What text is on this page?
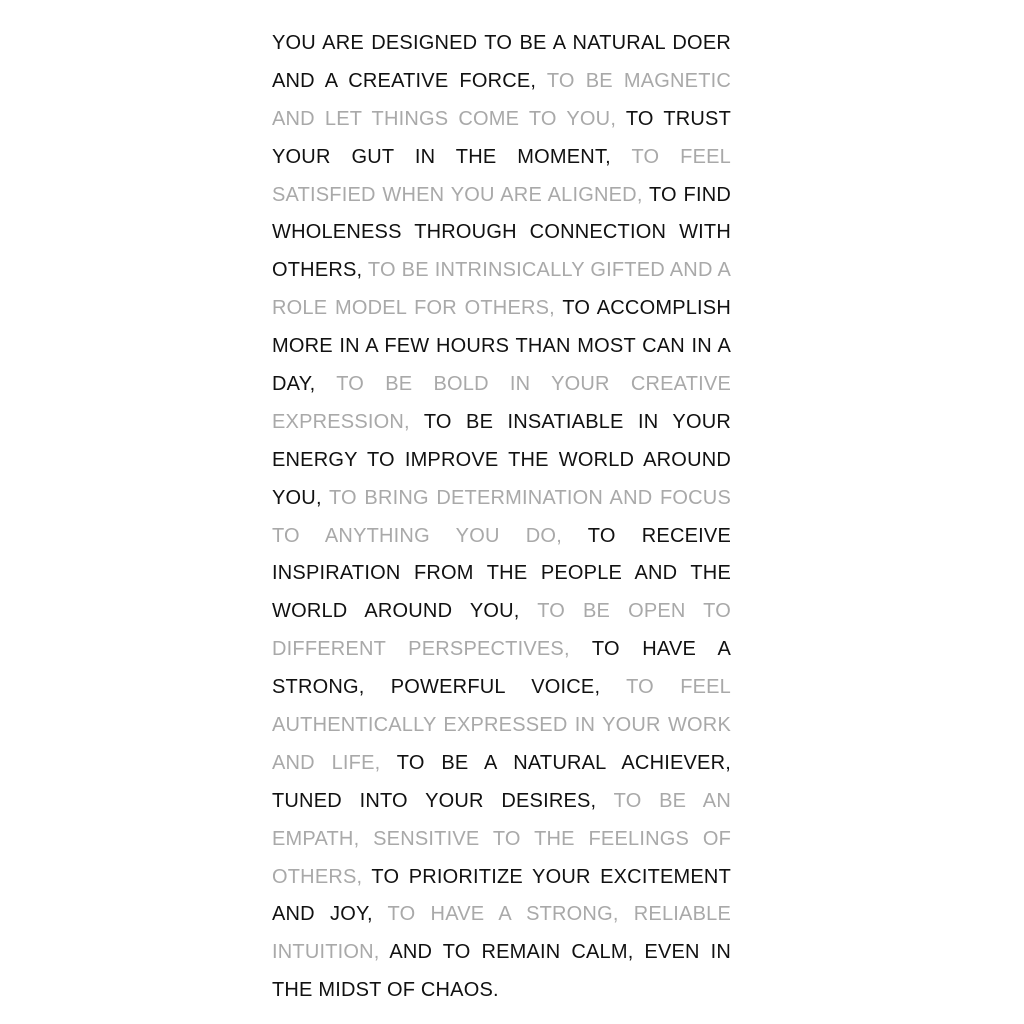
YOU ARE DESIGNED TO BE A NATURAL DOER
AND A CREATIVE FORCE, TO BE MAGNETIC
AND LET THINGS COME TO YOU, TO TRUST
YOUR GUT IN THE MOMENT, TO FEEL
SATISFIED WHEN YOU ARE ALIGNED, TO FIND
WHOLENESS THROUGH CONNECTION WITH
OTHERS, TO BE INTRINSICALLY GIFTED AND A
ROLE MODEL FOR OTHERS, TO ACCOMPLISH
MORE IN A FEW HOURS THAN MOST CAN IN A
DAY, TO BE BOLD IN YOUR CREATIVE
EXPRESSION, TO BE INSATIABLE IN YOUR
ENERGY TO IMPROVE THE WORLD AROUND
YOU, TO BRING DETERMINATION AND FOCUS
TO ANYTHING YOU DO, TO RECEIVE
INSPIRATION FROM THE PEOPLE AND THE
WORLD AROUND YOU, TO BE OPEN TO
DIFFERENT PERSPECTIVES, TO HAVE A
STRONG, POWERFUL VOICE, TO FEEL
AUTHENTICALLY EXPRESSED IN YOUR WORK
AND LIFE, TO BE A NATURAL ACHIEVER,
TUNED INTO YOUR DESIRES, TO BE AN
EMPATH, SENSITIVE TO THE FEELINGS OF
OTHERS, TO PRIORITIZE YOUR EXCITEMENT
AND JOY, TO HAVE A STRONG, RELIABLE
INTUITION, AND TO REMAIN CALM, EVEN IN
THE MIDST OF CHAOS.
